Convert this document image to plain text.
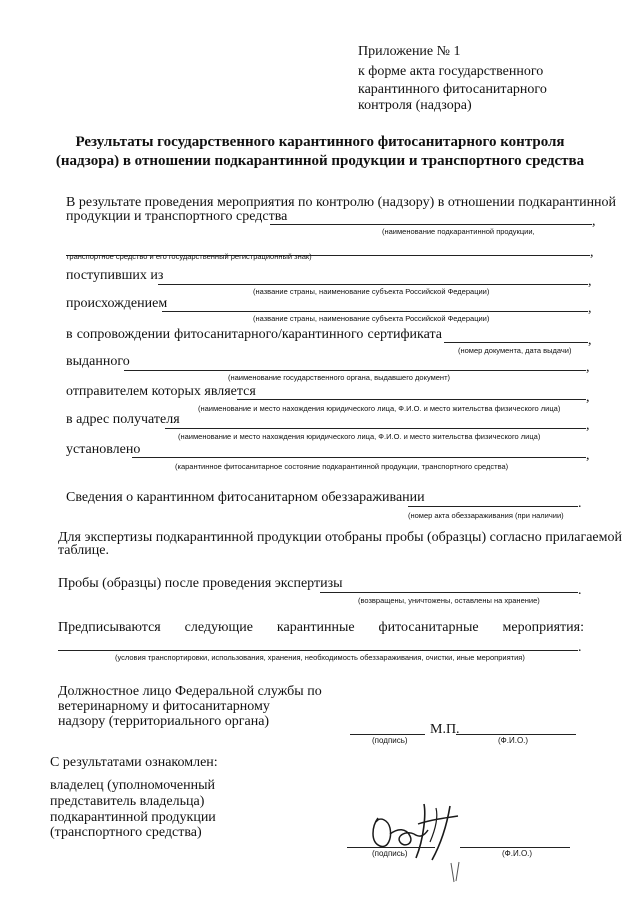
Приложение № 1
к форме акта государственного
карантинного фитосанитарного
контроля (надзора)
Результаты государственного карантинного фитосанитарного контроля
(надзора) в отношении подкарантинной продукции и транспортного средства
В результате проведения мероприятия по контролю (надзору) в отношении подкарантинной
продукции и транспортного средства	,
(наименование подкарантинной продукции,
,
транспортное средство и его государственный регистрационный знак)
поступивших из	,
(название страны, наименование субъекта Российской Федерации)
происхождением	,
(название страны, наименование субъекта Российской Федерации)
в сопровождении фитосанитарного/карантинного сертификата	,
(номер документа, дата выдачи)
выданного	,
(наименование государственного органа, выдавшего документ)
отправителем которых является	,
(наименование и место нахождения юридического лица, Ф.И.О. и место жительства физического лица)
в адрес получателя	,
(наименование и место нахождения юридического лица, Ф.И.О. и место жительства физического лица)
установлено	,
(карантинное фитосанитарное состояние подкарантинной продукции, транспортного средства)
Сведения о карантинном фитосанитарном обеззараживании	.
(номер акта обеззараживания (при наличии)
Для экспертизы подкарантинной продукции отобраны пробы (образцы) согласно прилагаемой
таблице.
Пробы (образцы) после проведения экспертизы	.
(возвращены, уничтожены, оставлены на хранение)
Предписываются следующие карантинные фитосанитарные мероприятия:
.
(условия транспортировки, использования, хранения, необходимость обеззараживания, очистки, иные мероприятия)
Должностное лицо Федеральной службы по
ветеринарному и фитосанитарному
надзору (территориального органа)
М.П.
(подпись)	(Ф.И.О.)
С результатами ознакомлен:
владелец (уполномоченный
представитель владельца)
подкарантинной продукции
(транспортного средства)
(подпись)	(Ф.И.О.)
